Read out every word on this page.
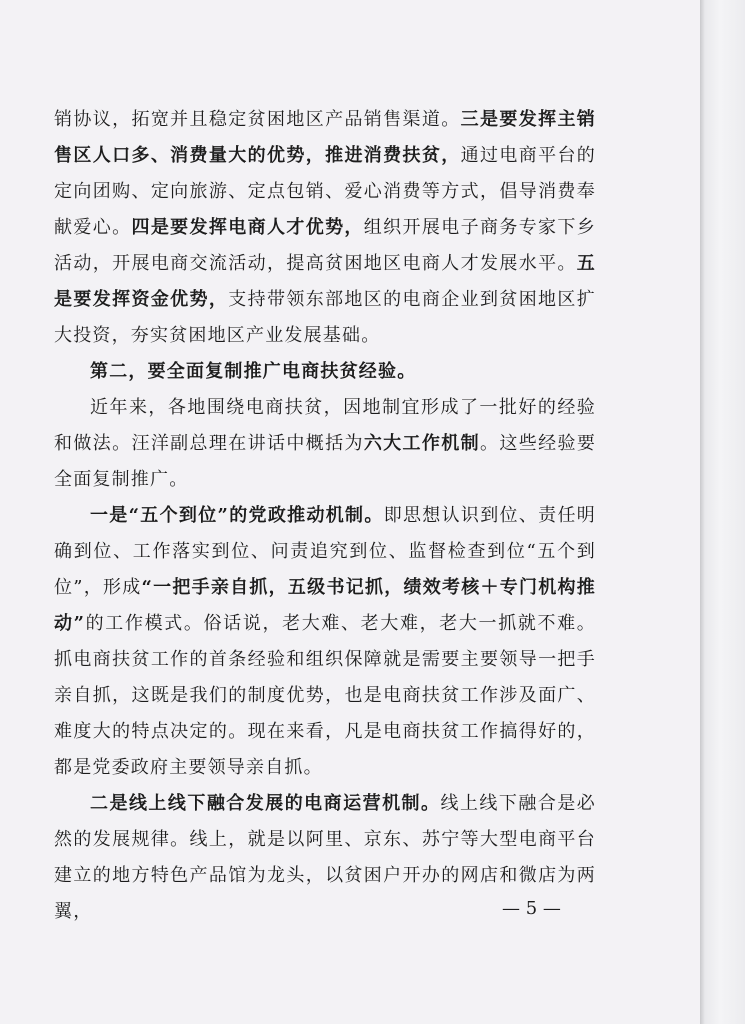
销协议，拓宽并且稳定贫困地区产品销售渠道。三是要发挥主销售区人口多、消费量大的优势，推进消费扶贫，通过电商平台的定向团购、定向旅游、定点包销、爱心消费等方式，倡导消费奉献爱心。四是要发挥电商人才优势，组织开展电子商务专家下乡活动，开展电商交流活动，提高贫困地区电商人才发展水平。五是要发挥资金优势，支持带领东部地区的电商企业到贫困地区扩大投资，夯实贫困地区产业发展基础。

第二，要全面复制推广电商扶贫经验。

近年来，各地围绕电商扶贫，因地制宜形成了一批好的经验和做法。汪洋副总理在讲话中概括为六大工作机制。这些经验要全面复制推广。

一是“五个到位”的党政推动机制。即思想认识到位、责任明确到位、工作落实到位、问责追究到位、监督检查到位“五个到位”，形成“一把手亲自抓，五级书记抓，绩效考核＋专门机构推动”的工作模式。俗话说，老大难、老大难，老大一抓就不难。抓电商扶贫工作的首条经验和组织保障就是需要主要领导一把手亲自抓，这既是我们的制度优势，也是电商扶贫工作涉及面广、难度大的特点决定的。现在来看，凡是电商扶贫工作搞得好的，都是党委政府主要领导亲自抓。

二是线上线下融合发展的电商运营机制。线上线下融合是必然的发展规律。线上，就是以阿里、京东、苏宁等大型电商平台建立的地方特色产品馆为龙头，以贫困户开办的网店和微店为两翼，	— 5 —
